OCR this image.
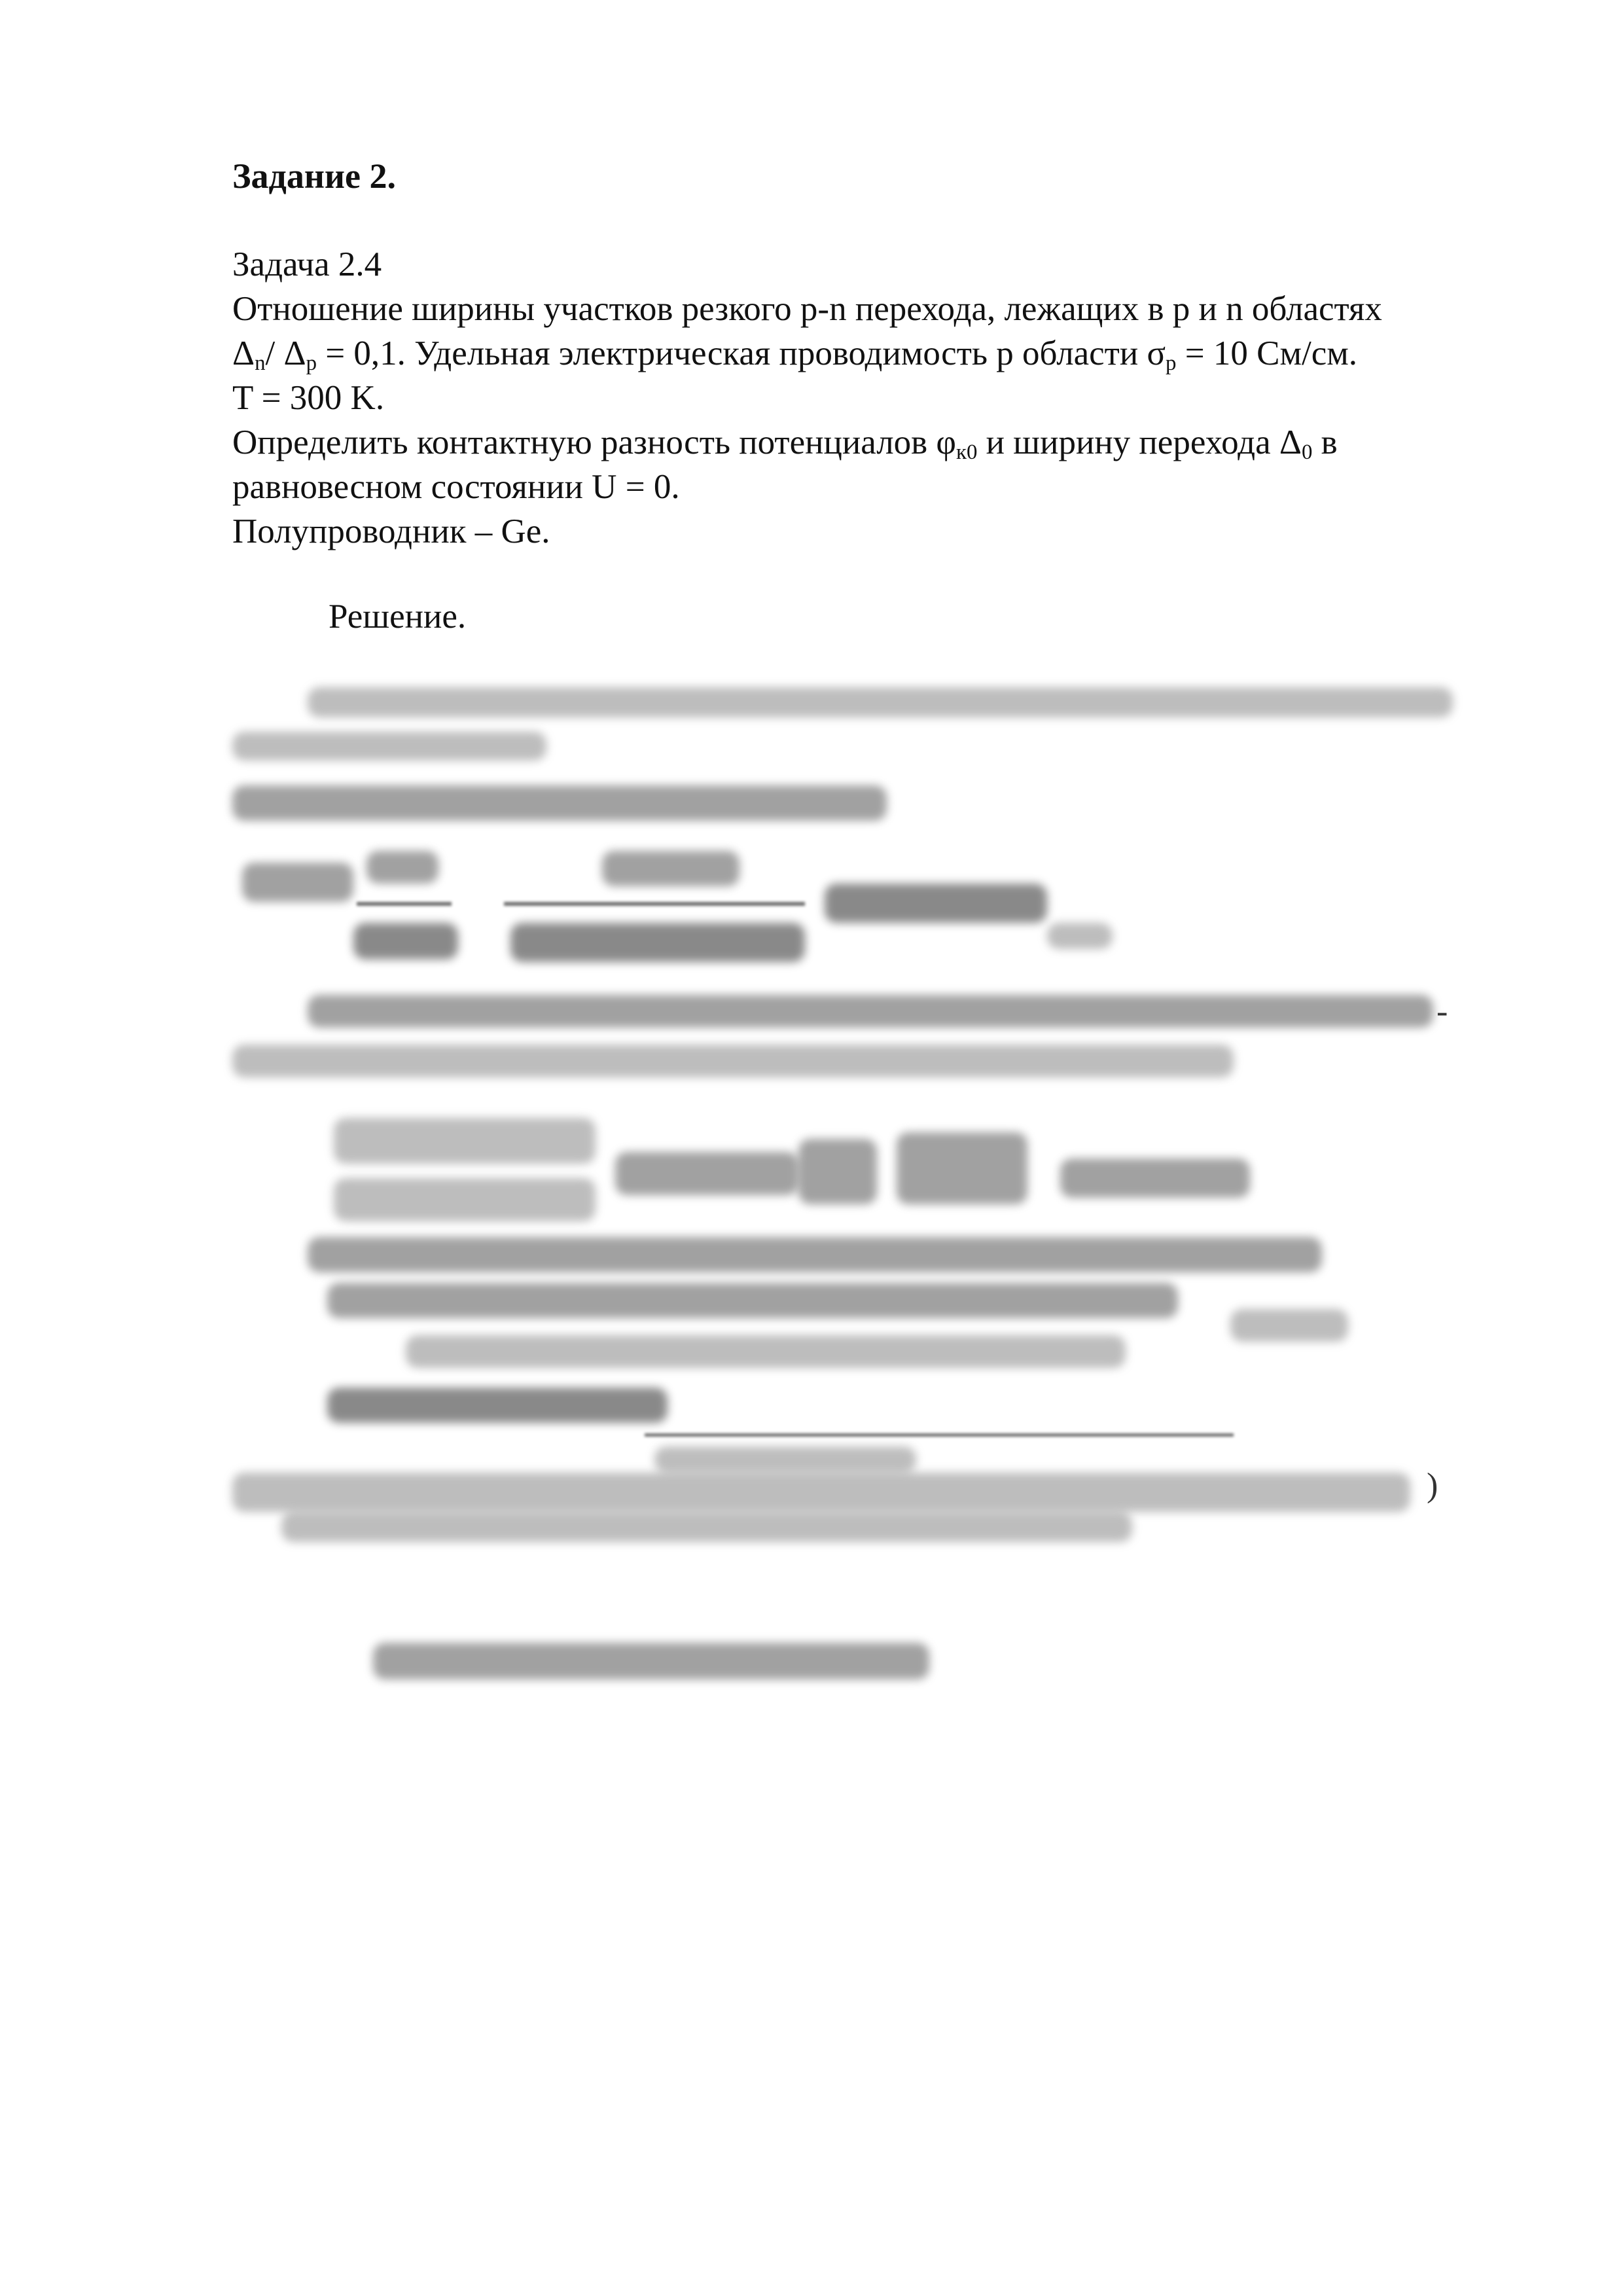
Задание 2.
Задача 2.4
Отношение ширины участков резкого p-n перехода, лежащих в p и n областях
$\Delta_n/$ $\Delta_p = 0,1$. Удельная электрическая проводимость p области $\sigma_p = 10$ См/см.
T = 300 K.
Определить контактную разность потенциалов $\varphi_{к0}$ и ширину перехода $\Delta_0$ в
равновесном состоянии U = 0.
Полупроводник – Ge.
Решение.
-
)
